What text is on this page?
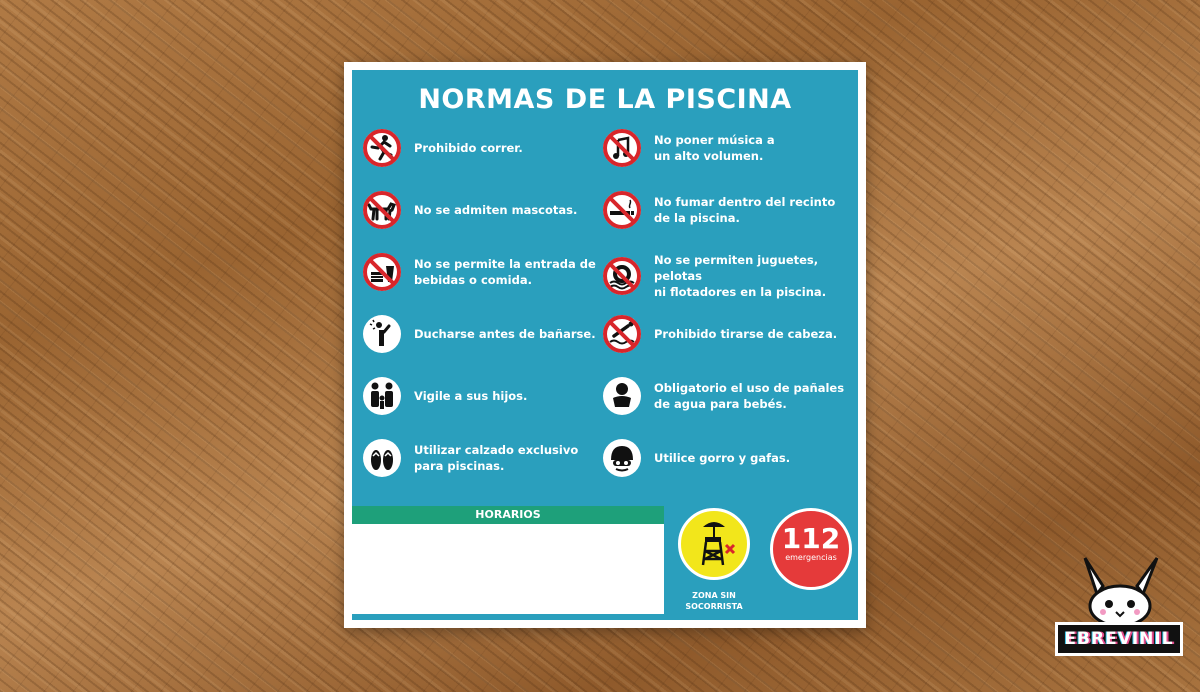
NORMAS DE LA PISCINA
Prohibido correr.
No se admiten mascotas.
No se permite la entrada de
bebidas o comida.
Ducharse antes de bañarse.
Vigile a sus hijos.
Utilizar calzado exclusivo
para piscinas.
No poner música a
un alto volumen.
No fumar dentro del recinto
de la piscina.
No se permiten juguetes, pelotas
ni flotadores en la piscina.
Prohibido tirarse de cabeza.
Obligatorio el uso de pañales
de agua para bebés.
Utilice gorro y gafas.
HORARIOS
ZONA SIN
SOCORRISTA
112
emergencias
EBREVINIL
